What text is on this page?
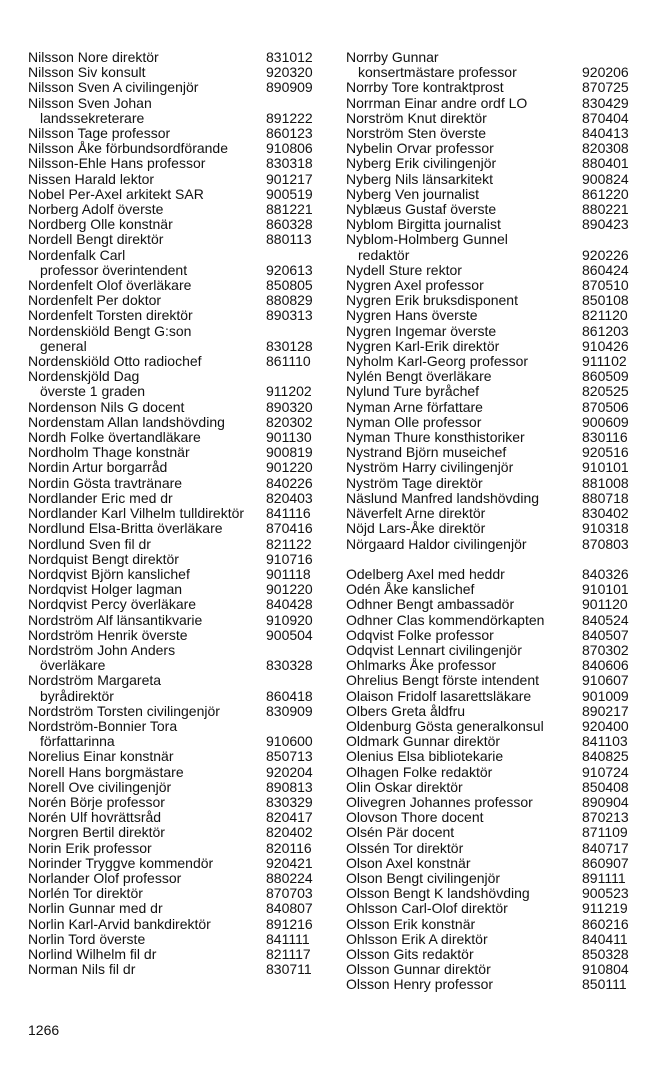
Nilsson Nore direktör	831012
Nilsson Siv konsult	920320
Nilsson Sven A civilingenjör	890909
Nilsson Sven Johan
landssekreterare	891222
Nilsson Tage professor	860123
Nilsson Åke förbundsordförande	910806
Nilsson-Ehle Hans professor	830318
Nissen Harald lektor	901217
Nobel Per-Axel arkitekt SAR	900519
Norberg Adolf överste	881221
Nordberg Olle konstnär	860328
Nordell Bengt direktör	880113
Nordenfalk Carl
professor överintendent	920613
Nordenfelt Olof överläkare	850805
Nordenfelt Per doktor	880829
Nordenfelt Torsten direktör	890313
Nordenskiöld Bengt G:son
general	830128
Nordenskiöld Otto radiochef	861110
Nordenskjöld Dag
överste 1 graden	911202
Nordenson Nils G docent	890320
Nordenstam Allan landshövding	820302
Nordh Folke övertandläkare	901130
Nordholm Thage konstnär	900819
Nordin Artur borgarråd	901220
Nordin Gösta travtränare	840226
Nordlander Eric med dr	820403
Nordlander Karl Vilhelm tulldirektör	841116
Nordlund Elsa-Britta överläkare	870416
Nordlund Sven fil dr	821122
Nordquist Bengt direktör	910716
Nordqvist Björn kanslichef	901118
Nordqvist Holger lagman	901220
Nordqvist Percy överläkare	840428
Nordström Alf länsantikvarie	910920
Nordström Henrik överste	900504
Nordström John Anders
överläkare	830328
Nordström Margareta
byrådirektör	860418
Nordström Torsten civilingenjör	830909
Nordström-Bonnier Tora
författarinna	910600
Norelius Einar konstnär	850713
Norell Hans borgmästare	920204
Norell Ove civilingenjör	890813
Norén Börje professor	830329
Norén Ulf hovrättsråd	820417
Norgren Bertil direktör	820402
Norin Erik professor	820116
Norinder Tryggve kommendör	920421
Norlander Olof professor	880224
Norlén Tor direktör	870703
Norlin Gunnar med dr	840807
Norlin Karl-Arvid bankdirektör	891216
Norlin Tord överste	841111
Norlind Wilhelm fil dr	821117
Norman Nils fil dr	830711
Norrby Gunnar
konsertmästare professor	920206
Norrby Tore kontraktprost	870725
Norrman Einar andre ordf LO	830429
Norström Knut direktör	870404
Norström Sten överste	840413
Nybelin Orvar professor	820308
Nyberg Erik civilingenjör	880401
Nyberg Nils länsarkitekt	900824
Nyberg Ven journalist	861220
Nyblæus Gustaf överste	880221
Nyblom Birgitta journalist	890423
Nyblom-Holmberg Gunnel
redaktör	920226
Nydell Sture rektor	860424
Nygren Axel professor	870510
Nygren Erik bruksdisponent	850108
Nygren Hans överste	821120
Nygren Ingemar överste	861203
Nygren Karl-Erik direktör	910426
Nyholm Karl-Georg professor	911102
Nylén Bengt överläkare	860509
Nylund Ture byråchef	820525
Nyman Arne författare	870506
Nyman Olle professor	900609
Nyman Thure konsthistoriker	830116
Nystrand Björn museichef	920516
Nyström Harry civilingenjör	910101
Nyström Tage direktör	881008
Näslund Manfred landshövding	880718
Näverfelt Arne direktör	830402
Nöjd Lars-Åke direktör	910318
Nörgaard Haldor civilingenjör	870803
Odelberg Axel med heddr	840326
Odén Åke kanslichef	910101
Odhner Bengt ambassadör	901120
Odhner Clas kommendörkapten	840524
Odqvist Folke professor	840507
Odqvist Lennart civilingenjör	870302
Ohlmarks Åke professor	840606
Ohrelius Bengt förste intendent	910607
Olaison Fridolf lasarettsläkare	901009
Olbers Greta åldfru	890217
Oldenburg Gösta generalkonsul	920400
Oldmark Gunnar direktör	841103
Olenius Elsa bibliotekarie	840825
Olhagen Folke redaktör	910724
Olin Oskar direktör	850408
Olivegren Johannes professor	890904
Olovson Thore docent	870213
Olsén Pär docent	871109
Olssén Tor direktör	840717
Olson Axel konstnär	860907
Olson Bengt civilingenjör	891111
Olsson Bengt K landshövding	900523
Ohlsson Carl-Olof direktör	911219
Olsson Erik konstnär	860216
Ohlsson Erik A direktör	840411
Olsson Gits redaktör	850328
Olsson Gunnar direktör	910804
Olsson Henry professor	850111
1266
